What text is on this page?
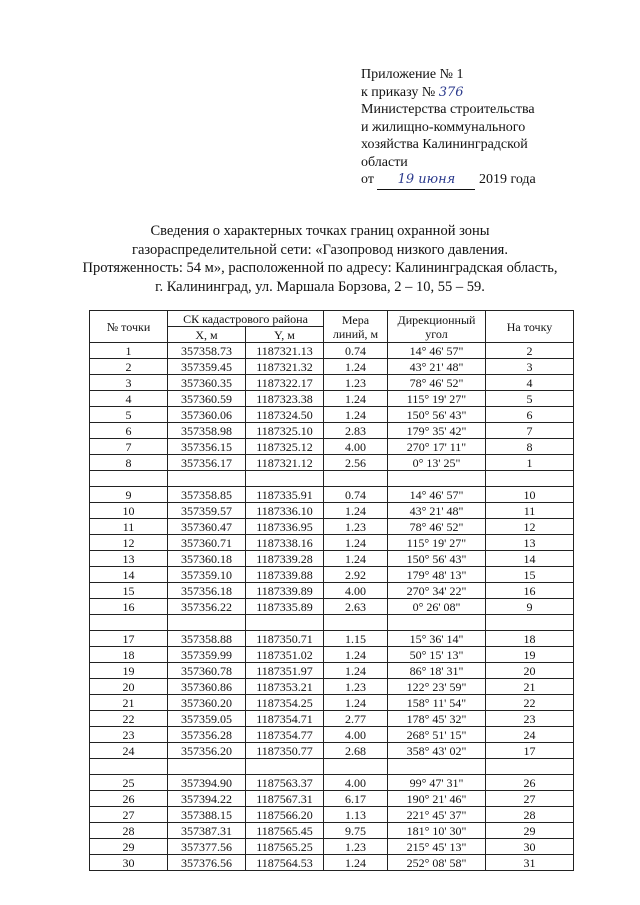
Приложение № 1
к приказу № 376
Министерства строительства
и жилищно-коммунального
хозяйства Калининградской
области
от 19 июня 2019 года
Сведения о характерных точках границ охранной зоны
газораспределительной сети: «Газопровод низкого давления.
Протяженность: 54 м», расположенной по адресу: Калининградская область,
г. Калининград, ул. Маршала Борзова, 2 – 10, 55 – 59.
№ точки	СК кадастрового района		Мера линий, м	Дирекционный угол	На точку
	X, м	Y, м			
1	357358.73	1187321.13	0.74	14° 46' 57"	2
2	357359.45	1187321.32	1.24	43° 21' 48"	3
3	357360.35	1187322.17	1.23	78° 46' 52"	4
4	357360.59	1187323.38	1.24	115° 19' 27"	5
5	357360.06	1187324.50	1.24	150° 56' 43"	6
6	357358.98	1187325.10	2.83	179° 35' 42"	7
7	357356.15	1187325.12	4.00	270° 17' 11"	8
8	357356.17	1187321.12	2.56	0° 13' 25"	1

9	357358.85	1187335.91	0.74	14° 46' 57"	10
10	357359.57	1187336.10	1.24	43° 21' 48"	11
11	357360.47	1187336.95	1.23	78° 46' 52"	12
12	357360.71	1187338.16	1.24	115° 19' 27"	13
13	357360.18	1187339.28	1.24	150° 56' 43"	14
14	357359.10	1187339.88	2.92	179° 48' 13"	15
15	357356.18	1187339.89	4.00	270° 34' 22"	16
16	357356.22	1187335.89	2.63	0° 26' 08"	9

17	357358.88	1187350.71	1.15	15° 36' 14"	18
18	357359.99	1187351.02	1.24	50° 15' 13"	19
19	357360.78	1187351.97	1.24	86° 18' 31"	20
20	357360.86	1187353.21	1.23	122° 23' 59"	21
21	357360.20	1187354.25	1.24	158° 11' 54"	22
22	357359.05	1187354.71	2.77	178° 45' 32"	23
23	357356.28	1187354.77	4.00	268° 51' 15"	24
24	357356.20	1187350.77	2.68	358° 43' 02"	17

25	357394.90	1187563.37	4.00	99° 47' 31"	26
26	357394.22	1187567.31	6.17	190° 21' 46"	27
27	357388.15	1187566.20	1.13	221° 45' 37"	28
28	357387.31	1187565.45	9.75	181° 10' 30"	29
29	357377.56	1187565.25	1.23	215° 45' 13"	30
30	357376.56	1187564.53	1.24	252° 08' 58"	31
